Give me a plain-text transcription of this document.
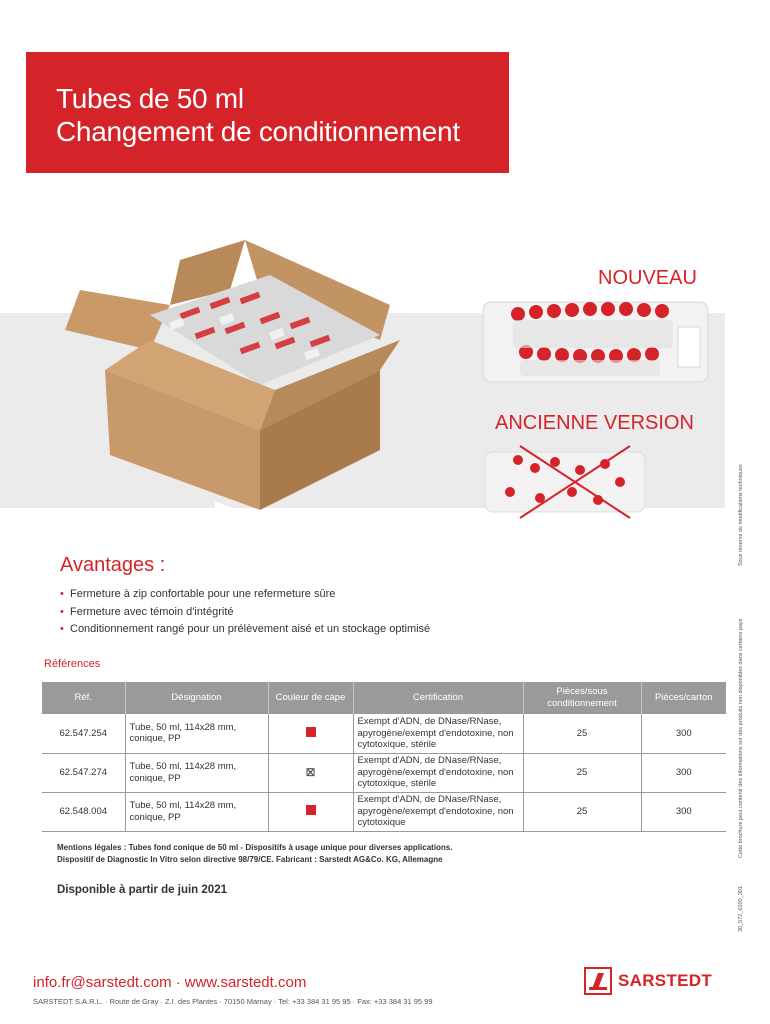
Tubes de 50 ml
Changement de conditionnement
NOUVEAU
ANCIENNE VERSION
Sous réserve de modifications techniques
Cette brochure peut contenir des informations sur des produits non disponibles dans certains pays
30_572_0100_301
Avantages :
• Fermeture à zip confortable pour une refermeture sûre
• Fermeture avec témoin d'intégrité
• Conditionnement rangé pour un prélèvement aisé et un stockage optimisé
Références
Réf.	Désignation	Couleur de cape	Certification	Pièces/sous conditionnement	Pièces/carton
62.547.254	Tube, 50 ml, 114x28 mm, conique, PP		Exempt d'ADN, de DNase/RNase, apyrogène/exempt d'endotoxine, non cytotoxique, stérile	25	300
62.547.274	Tube, 50 ml, 114x28 mm, conique, PP	⊠	Exempt d'ADN, de DNase/RNase, apyrogène/exempt d'endotoxine, non cytotoxique, stérile	25	300
62.548.004	Tube, 50 ml, 114x28 mm, conique, PP		Exempt d'ADN, de DNase/RNase, apyrogène/exempt d'endotoxine, non cytotoxique	25	300
Mentions légales : Tubes fond conique de 50 ml - Dispositifs à usage unique pour diverses applications.
Dispositif de Diagnostic In Vitro selon directive 98/79/CE. Fabricant : Sarstedt AG&Co. KG, Allemagne
Disponible à partir de juin 2021
info.fr@sarstedt.com · www.sarstedt.com	SARSTEDT
SARSTEDT S.A.R.L. · Route de Gray · Z.I. des Plantes · 70150 Marnay · Tel: +33 384 31 95 95 · Fax: +33 384 31 95 99
